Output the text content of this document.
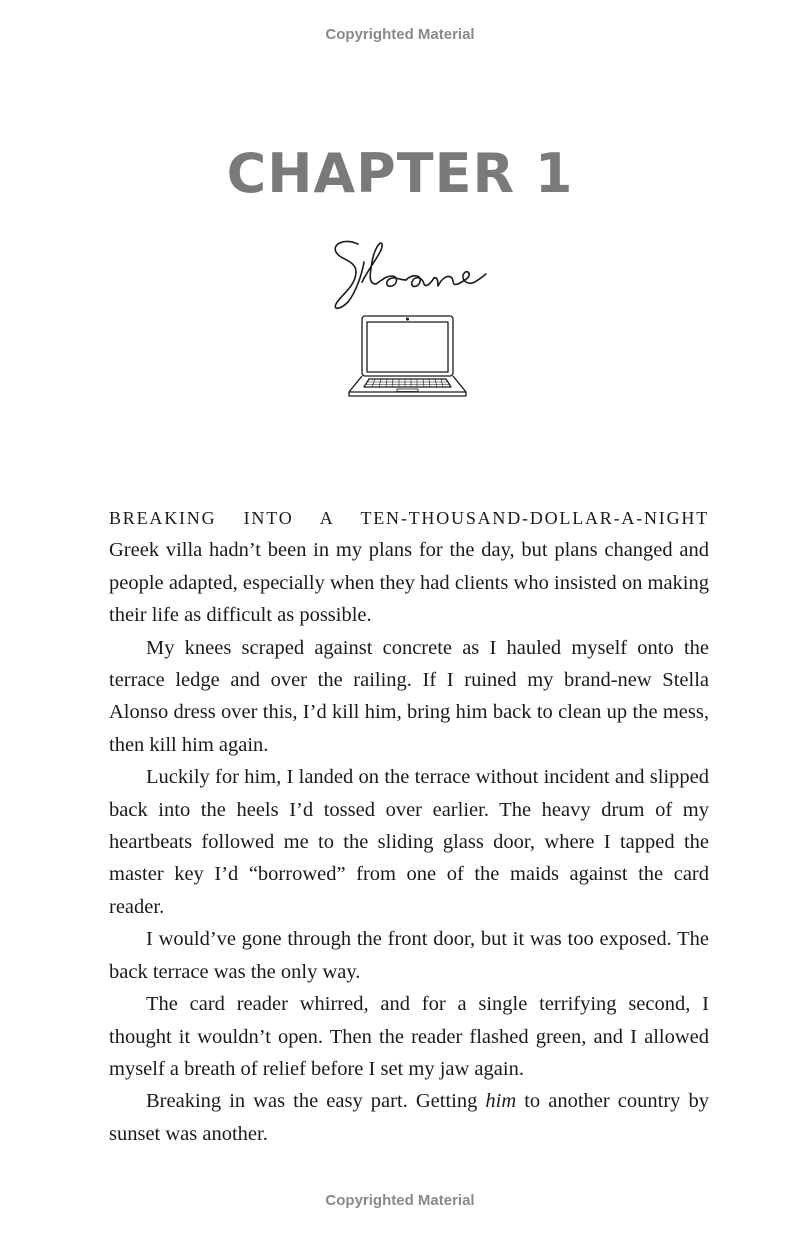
Copyrighted Material
CHAPTER 1

BREAKING INTO A TEN-THOUSAND-DOLLAR-A-NIGHT
Greek villa hadn’t been in my plans for the day, but plans changed and people adapted, especially when they had clients who insisted on making their life as difficult as possible.

My knees scraped against concrete as I hauled myself onto the terrace ledge and over the railing. If I ruined my brand-new Stella Alonso dress over this, I’d kill him, bring him back to clean up the mess, then kill him again.

Luckily for him, I landed on the terrace without incident and slipped back into the heels I’d tossed over earlier. The heavy drum of my heartbeats followed me to the sliding glass door, where I tapped the master key I’d “borrowed” from one of the maids against the card reader.

I would’ve gone through the front door, but it was too exposed. The back terrace was the only way.

The card reader whirred, and for a single terrifying second, I thought it wouldn’t open. Then the reader flashed green, and I allowed myself a breath of relief before I set my jaw again.

Breaking in was the easy part. Getting him to another country by sunset was another.

Copyrighted Material
